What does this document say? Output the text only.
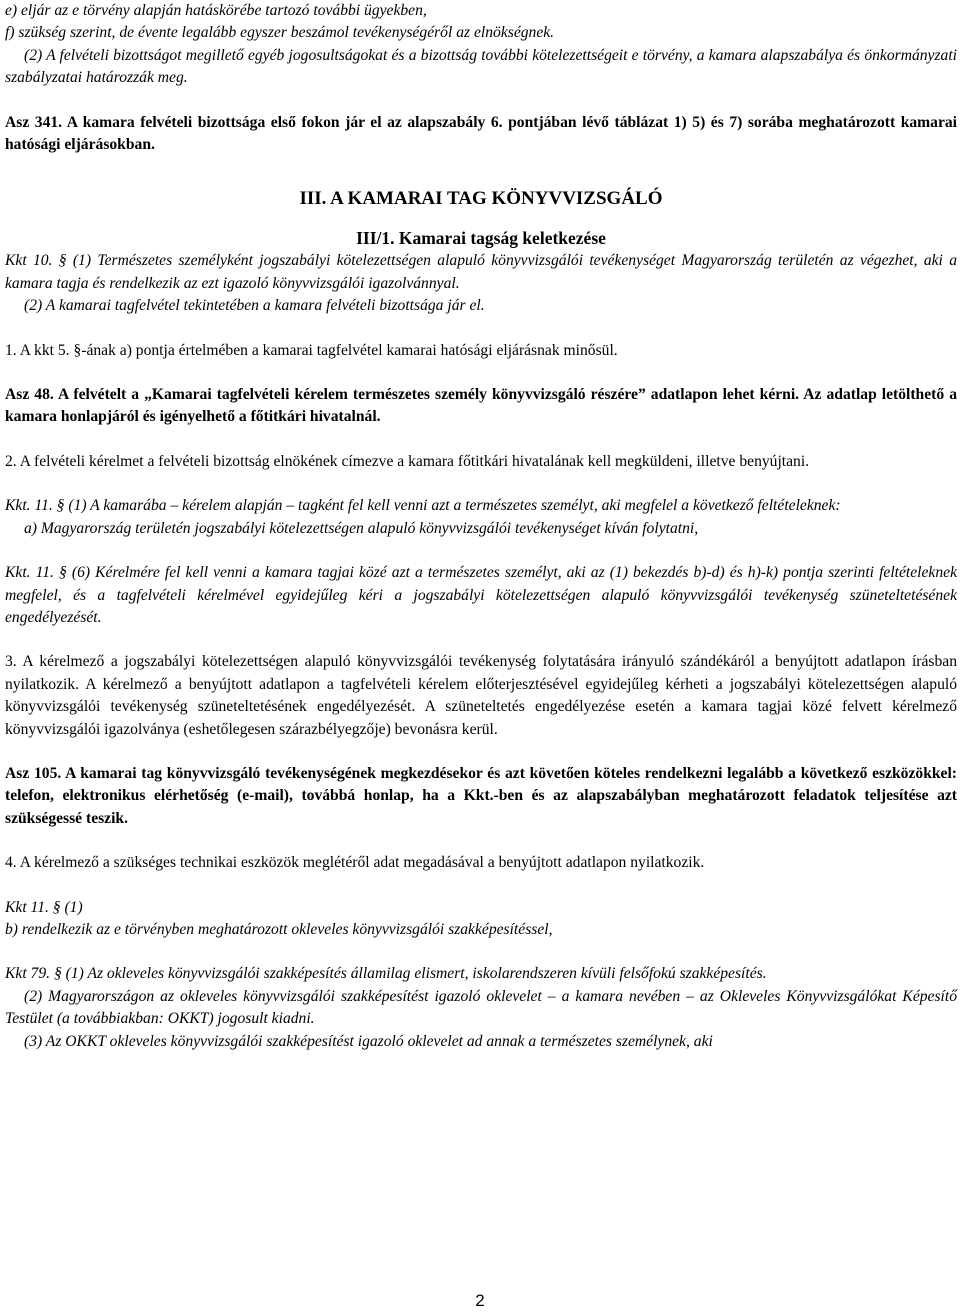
e) eljár az e törvény alapján hatáskörébe tartozó további ügyekben,

f) szükség szerint, de évente legalább egyszer beszámol tevékenységéről az elnökségnek.

(2) A felvételi bizottságot megillető egyéb jogosultságokat és a bizottság további kötelezettségeit e törvény, a kamara alapszabálya és önkormányzati szabályzatai határozzák meg.

Asz 341. A kamara felvételi bizottsága első fokon jár el az alapszabály 6. pontjában lévő táblázat 1) 5) és 7) sorába meghatározott kamarai hatósági eljárásokban.

III. A KAMARAI TAG KÖNYVVIZSGÁLÓ
III/1. Kamarai tagság keletkezése

Kkt 10. § (1) Természetes személyként jogszabályi kötelezettségen alapuló könyvvizsgálói tevékenységet Magyarország területén az végezhet, aki a kamara tagja és rendelkezik az ezt igazoló könyvvizsgálói igazolvánnyal.

(2) A kamarai tagfelvétel tekintetében a kamara felvételi bizottsága jár el.

1. A kkt 5. §-ának a) pontja értelmében a kamarai tagfelvétel kamarai hatósági eljárásnak minősül.

Asz 48. A felvételt a „Kamarai tagfelvételi kérelem természetes személy könyvvizsgáló részére” adatlapon lehet kérni. Az adatlap letölthető a kamara honlapjáról és igényelhető a főtitkári hivatalnál.

2. A felvételi kérelmet a felvételi bizottság elnökének címezve a kamara főtitkári hivatalának kell megküldeni, illetve benyújtani.

Kkt. 11. § (1) A kamarába – kérelem alapján – tagként fel kell venni azt a természetes személyt, aki megfelel a következő feltételeknek:

a) Magyarország területén jogszabályi kötelezettségen alapuló könyvvizsgálói tevékenységet kíván folytatni,

Kkt. 11. § (6) Kérelmére fel kell venni a kamara tagjai közé azt a természetes személyt, aki az (1) bekezdés b)-d) és h)-k) pontja szerinti feltételeknek megfelel, és a tagfelvételi kérelmével egyidejűleg kéri a jogszabályi kötelezettségen alapuló könyvvizsgálói tevékenység szüneteltetésének engedélyezését.

3. A kérelmező a jogszabályi kötelezettségen alapuló könyvvizsgálói tevékenység folytatására irányuló szándékáról a benyújtott adatlapon írásban nyilatkozik. A kérelmező a benyújtott adatlapon a tagfelvételi kérelem előterjesztésével egyidejűleg kérheti a jogszabályi kötelezettségen alapuló könyvvizsgálói tevékenység szüneteltetésének engedélyezését. A szüneteltetés engedélyezése esetén a kamara tagjai közé felvett kérelmező könyvvizsgálói igazolványa (eshetőlegesen szárazbélyegzője) bevonásra kerül.

Asz 105. A kamarai tag könyvvizsgáló tevékenységének megkezdésekor és azt követően köteles rendelkezni legalább a következő eszközökkel: telefon, elektronikus elérhetőség (e-mail), továbbá honlap, ha a Kkt.-ben és az alapszabályban meghatározott feladatok teljesítése azt szükségessé teszik.

4. A kérelmező a szükséges technikai eszközök meglétéről adat megadásával a benyújtott adatlapon nyilatkozik.

Kkt 11. § (1)

b) rendelkezik az e törvényben meghatározott okleveles könyvvizsgálói szakképesítéssel,

Kkt 79. § (1) Az okleveles könyvvizsgálói szakképesítés államilag elismert, iskolarendszeren kívüli felsőfokú szakképesítés.

(2) Magyarországon az okleveles könyvvizsgálói szakképesítést igazoló oklevelet – a kamara nevében – az Okleveles Könyvvizsgálókat Képesítő Testület (a továbbiakban: OKKT) jogosult kiadni.

(3) Az OKKT okleveles könyvvizsgálói szakképesítést igazoló oklevelet ad annak a természetes személynek, aki

2
